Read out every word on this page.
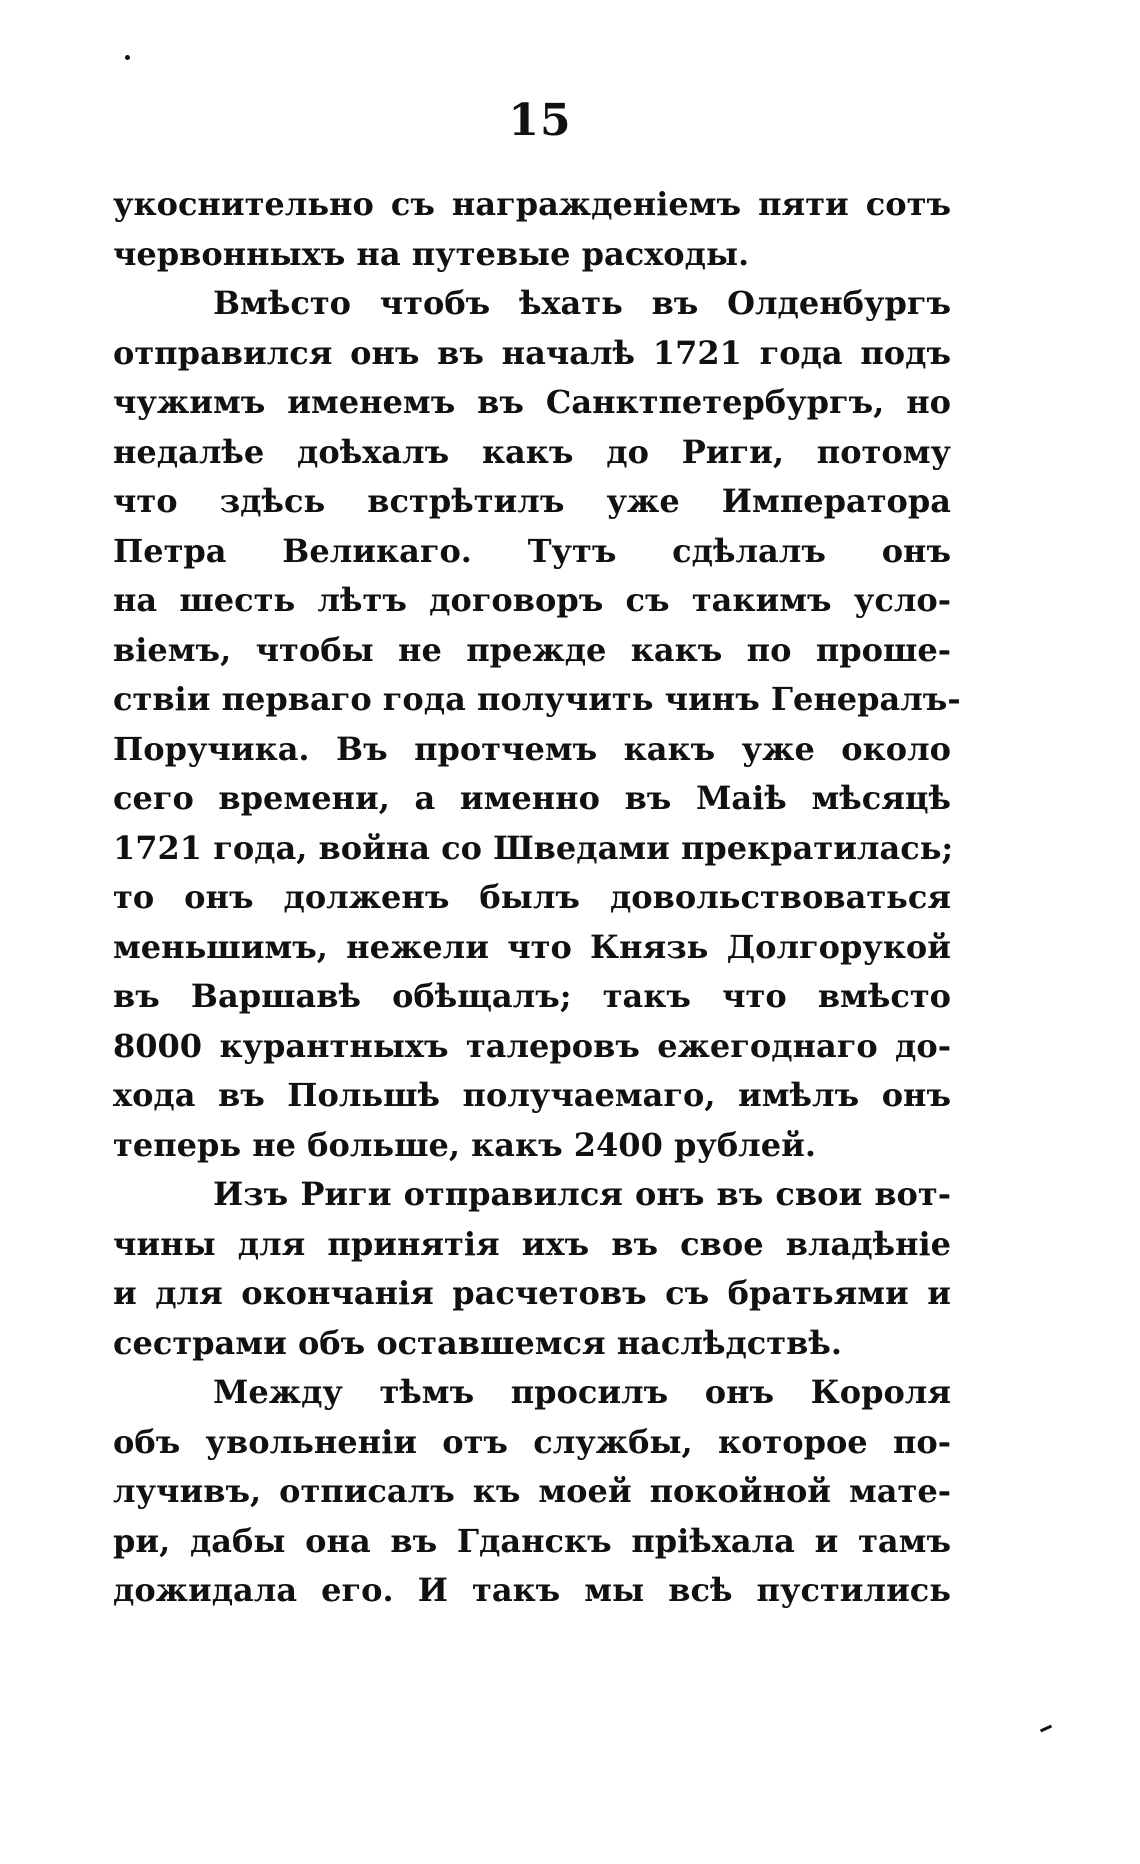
15
укоснительно съ награжденiемъ пяти сотъ
червонныхъ на путевые расходы.
Вмѣсто чтобъ ѣхать въ Олденбургъ
отправился онъ въ началѣ 1721 года подъ
чужимъ именемъ въ Санктпетербургъ, но
недалѣе доѣхалъ какъ до Риги, потому
что здѣсь встрѣтилъ уже Императора
Петра Великаго. Тутъ сдѣлалъ онъ
на шесть лѣтъ договоръ съ такимъ усло-
вiемъ, чтобы не прежде какъ по проше-
ствiи перваго года получить чинъ Генералъ-
Поручика. Въ протчемъ какъ уже около
сего времени, а именно въ Маiѣ мѣсяцѣ
1721 года, война со Шведами прекратилась;
то онъ долженъ былъ довольствоваться
меньшимъ, нежели что Князь Долгорукой
въ Варшавѣ обѣщалъ; такъ что вмѣсто
8000 курантныхъ талеровъ ежегоднаго до-
хода въ Польшѣ получаемаго, имѣлъ онъ
теперь не больше, какъ 2400 рублей.
Изъ Риги отправился онъ въ свои вот-
чины для принятiя ихъ въ свое владѣнiе
и для окончанiя расчетовъ съ братьями и
сестрами объ оставшемся наслѣдствѣ.
Между тѣмъ просилъ онъ Короля
объ увольненiи отъ службы, которое по-
лучивъ, отписалъ къ моей покойной мате-
ри, дабы она въ Гданскъ прiѣхала и тамъ
дожидала его. И такъ мы всѣ пустились
